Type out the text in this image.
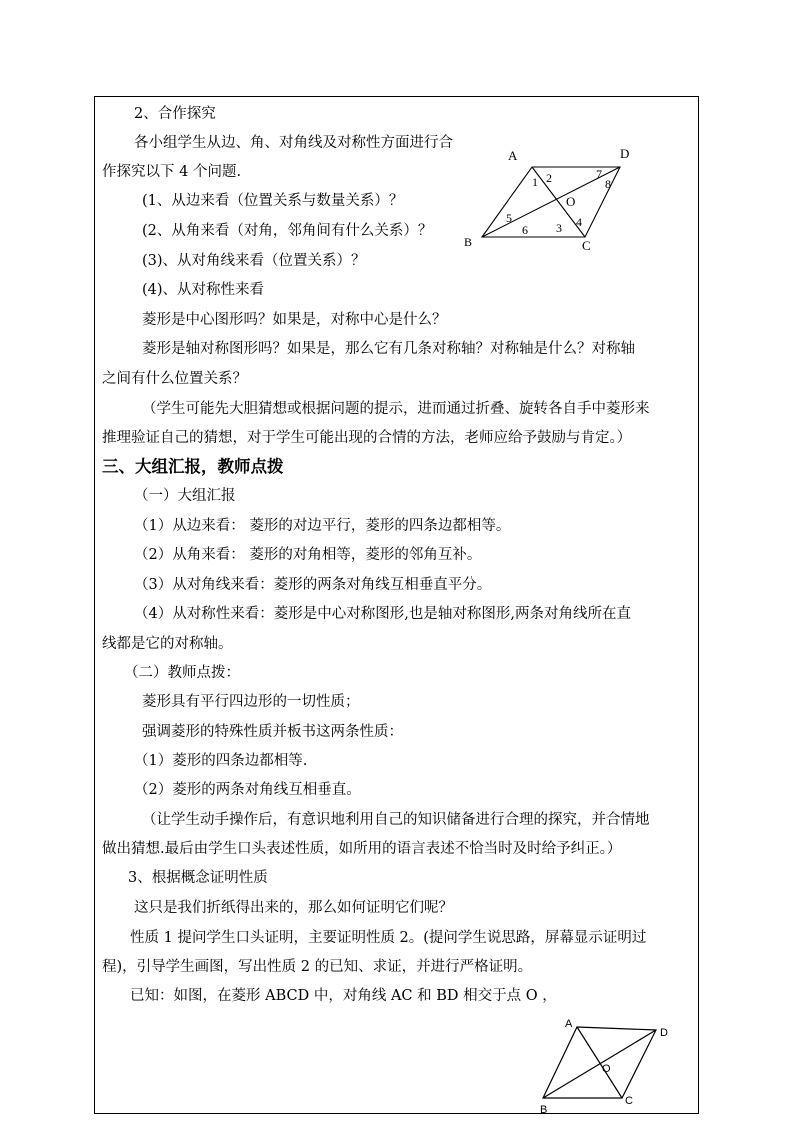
2、合作探究
各小组学生从边、角、对角线及对称性方面进行合
作探究以下 4 个问题.
(1、从边来看（位置关系与数量关系）？
(2、从角来看（对角，邻角间有什么关系）？
(3)、从对角线来看（位置关系）？
(4)、从对称性来看
菱形是中心图形吗？如果是，对称中心是什么？
菱形是轴对称图形吗？如果是，那么它有几条对称轴？对称轴是什么？对称轴
之间有什么位置关系？
（学生可能先大胆猜想或根据问题的提示，进而通过折叠、旋转各自手中菱形来
推理验证自己的猜想，对于学生可能出现的合情的方法，老师应给予鼓励与肯定。）
A	D
B	C
O
1 2
3 4
5
6
7
8
三、大组汇报，教师点拨
（一）大组汇报
（1）从边来看： 菱形的对边平行，菱形的四条边都相等。
（2）从角来看： 菱形的对角相等，菱形的邻角互补。
（3）从对角线来看：菱形的两条对角线互相垂直平分。
（4）从对称性来看：菱形是中心对称图形,也是轴对称图形,两条对角线所在直
线都是它的对称轴。
（二）教师点拨：
菱形具有平行四边形的一切性质；
强调菱形的特殊性质并板书这两条性质：
（1）菱形的四条边都相等.
（2）菱形的两条对角线互相垂直。
（让学生动手操作后，有意识地利用自己的知识储备进行合理的探究，并合情地
做出猜想.最后由学生口头表述性质，如所用的语言表述不恰当时及时给予纠正。）
3、根据概念证明性质
这只是我们折纸得出来的，那么如何证明它们呢？
性质 1 提问学生口头证明，主要证明性质 2。(提问学生说思路，屏幕显示证明过
程)，引导学生画图，写出性质 2 的已知、求证，并进行严格证明。
已知：如图，在菱形 ABCD 中，对角线 AC 和 BD 相交于点 O ，
A
D
B
C
O
